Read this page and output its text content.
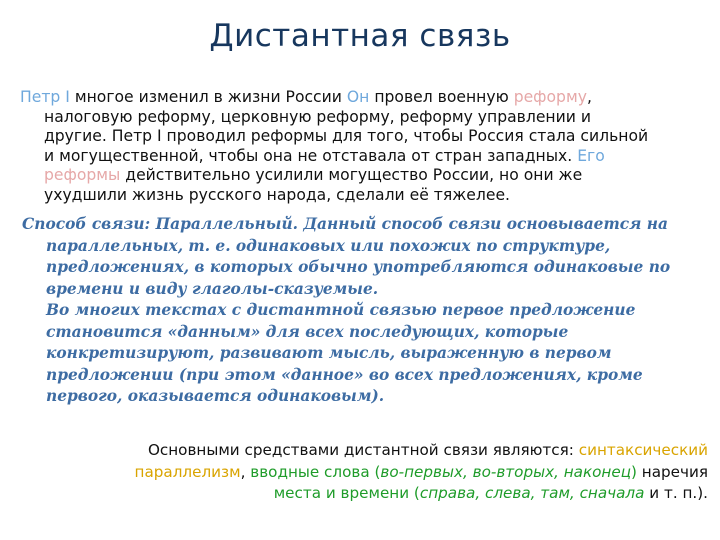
Дистантная связь
Петр I многое изменил в жизни России Он провел военную реформу,
налоговую реформу, церковную реформу, реформу управлении и
другие. Петр I проводил реформы для того, чтобы Россия стала сильной
и могущественной, чтобы она не отставала от стран западных. Его
реформы действительно усилили могущество России, но они же
ухудшили жизнь русского народа, сделали её тяжелее.
Способ связи: Параллельный. Данный способ связи основывается на
параллельных, т. е. одинаковых или похожих по структуре,
предложениях, в которых обычно употребляются одинаковые по
времени и виду глаголы-сказуемые.
Во многих текстах с дистантной связью первое предложение
становится «данным» для всех последующих, которые
конкретизируют, развивают мысль, выраженную в первом
предложении (при этом «данное» во всех предложениях, кроме
первого, оказывается одинаковым).
Основными средствами дистантной связи являются: синтаксический
параллелизм, вводные слова (во-первых, во-вторых, наконец) наречия
места и времени (справа, слева, там, сначала и т. п.).
